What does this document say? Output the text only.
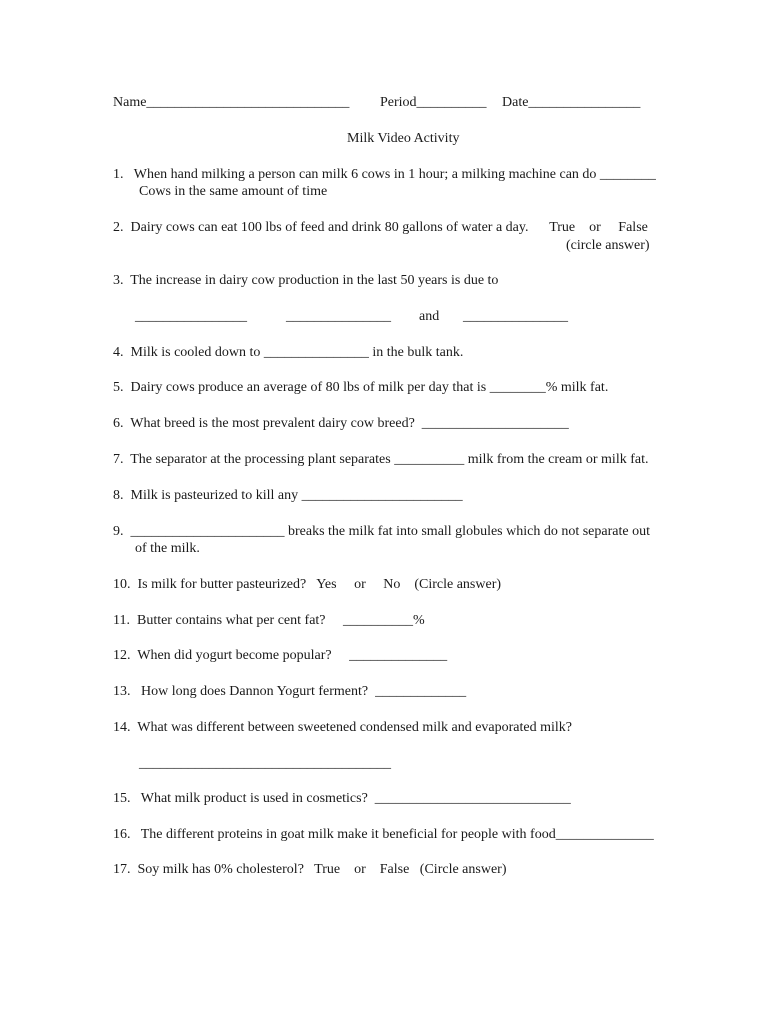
Name_____________________________ Period__________ Date________________
Milk Video Activity
1.   When hand milking a person can milk 6 cows in 1 hour; a milking machine can do ________
Cows in the same amount of time
2.  Dairy cows can eat 100 lbs of feed and drink 80 gallons of water a day.      True    or     False
(circle answer)
3.  The increase in dairy cow production in the last 50 years is due to
________________	_______________ and _______________
4.  Milk is cooled down to _______________ in the bulk tank.
5.  Dairy cows produce an average of 80 lbs of milk per day that is ________% milk fat.
6.  What breed is the most prevalent dairy cow breed?  _____________________
7.  The separator at the processing plant separates __________ milk from the cream or milk fat.
8.  Milk is pasteurized to kill any _______________________
9.  ______________________ breaks the milk fat into small globules which do not separate out
of the milk.
10.  Is milk for butter pasteurized?   Yes     or     No    (Circle answer)
11.  Butter contains what per cent fat?     __________%
12.  When did yogurt become popular?     ______________
13.   How long does Dannon Yogurt ferment?  _____________
14.  What was different between sweetened condensed milk and evaporated milk?
____________________________________
15.   What milk product is used in cosmetics?  ____________________________
16.   The different proteins in goat milk make it beneficial for people with food______________
17.  Soy milk has 0% cholesterol?   True    or    False   (Circle answer)
